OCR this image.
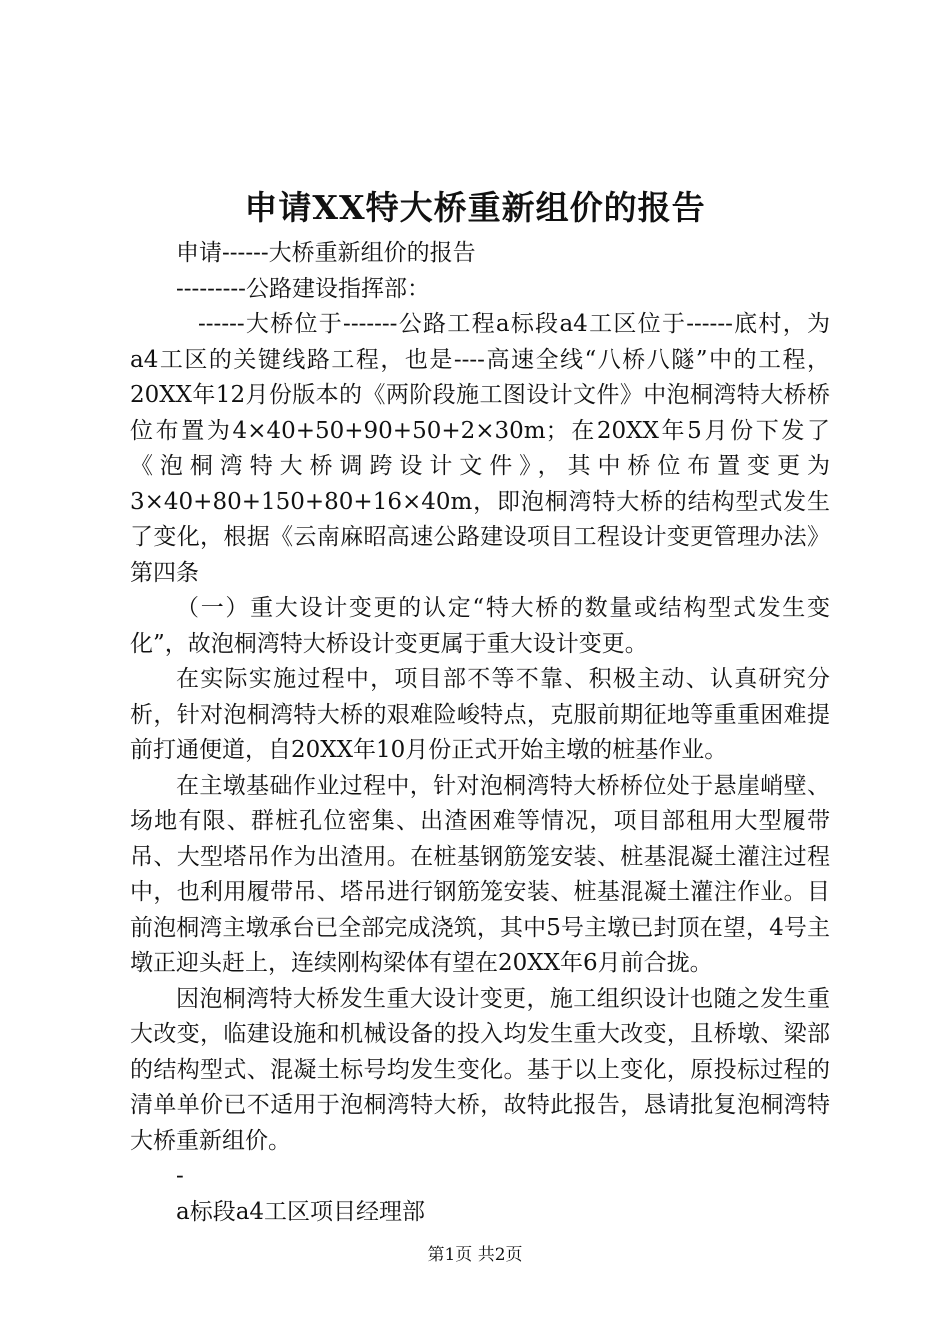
申请XX特大桥重新组价的报告

申请------大桥重新组价的报告

---------公路建设指挥部：

------大桥位于-------公路工程a标段a4工区位于------底村，为a4工区的关键线路工程，也是----高速全线“八桥八隧”中的工程，20XX年12月份版本的《两阶段施工图设计文件》中泡桐湾特大桥桥位布置为4×40+50+90+50+2×30m；在20XX年5月份下发了《泡桐湾特大桥调跨设计文件》，其中桥位布置变更为3×40+80+150+80+16×40m，即泡桐湾特大桥的结构型式发生了变化，根据《云南麻昭高速公路建设项目工程设计变更管理办法》第四条

（一）重大设计变更的认定“特大桥的数量或结构型式发生变化”，故泡桐湾特大桥设计变更属于重大设计变更。

在实际实施过程中，项目部不等不靠、积极主动、认真研究分析，针对泡桐湾特大桥的艰难险峻特点，克服前期征地等重重困难提前打通便道，自20XX年10月份正式开始主墩的桩基作业。

在主墩基础作业过程中，针对泡桐湾特大桥桥位处于悬崖峭壁、场地有限、群桩孔位密集、出渣困难等情况，项目部租用大型履带吊、大型塔吊作为出渣用。在桩基钢筋笼安装、桩基混凝土灌注过程中，也利用履带吊、塔吊进行钢筋笼安装、桩基混凝土灌注作业。目前泡桐湾主墩承台已全部完成浇筑，其中5号主墩已封顶在望，4号主墩正迎头赶上，连续刚构梁体有望在20XX年6月前合拢。

因泡桐湾特大桥发生重大设计变更，施工组织设计也随之发生重大改变，临建设施和机械设备的投入均发生重大改变，且桥墩、梁部的结构型式、混凝土标号均发生变化。基于以上变化，原投标过程的清单单价已不适用于泡桐湾特大桥，故特此报告，恳请批复泡桐湾特大桥重新组价。

-

a标段a4工区项目经理部

第1页 共2页
